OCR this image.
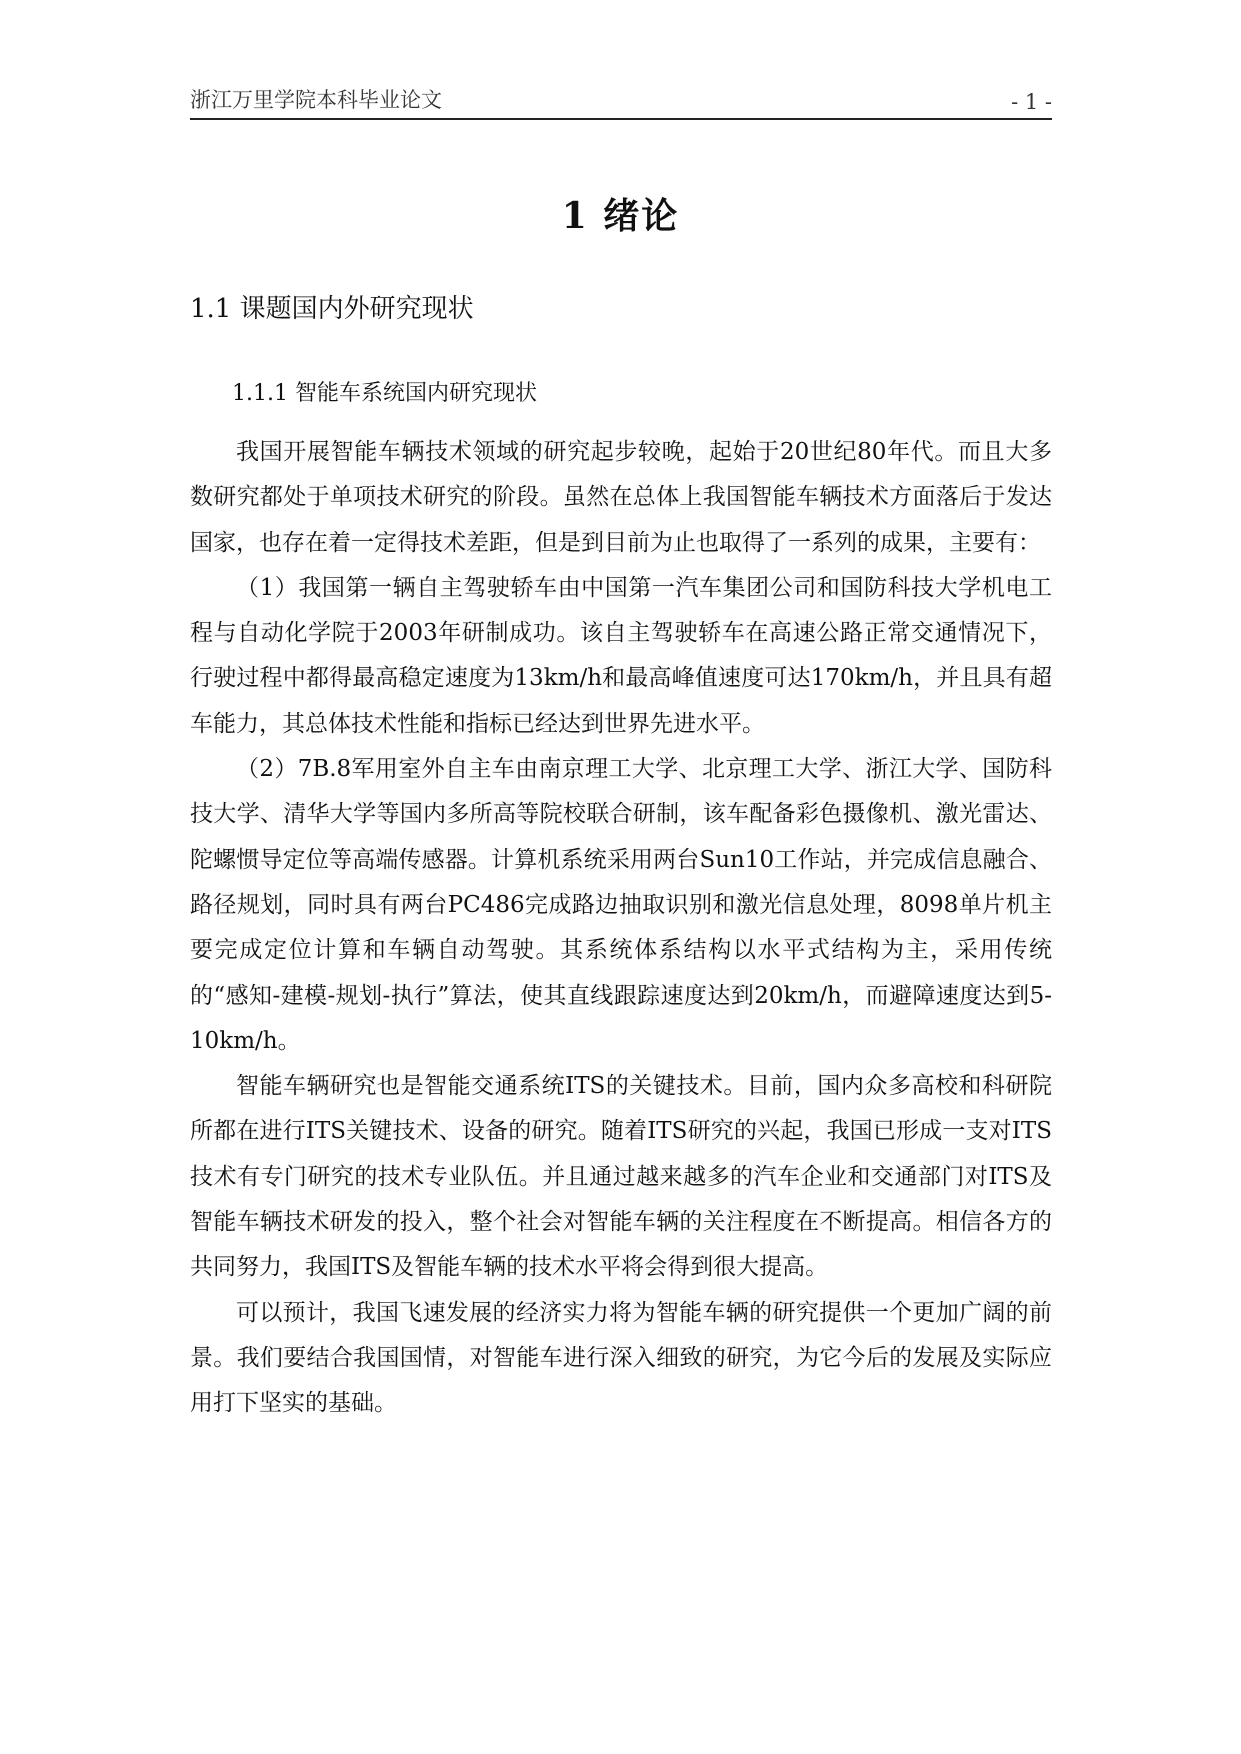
浙江万里学院本科毕业论文	- 1 -
1 绪论
1.1 课题国内外研究现状
1.1.1 智能车系统国内研究现状

我国开展智能车辆技术领域的研究起步较晚，起始于20世纪80年代。而且大多数研究都处于单项技术研究的阶段。虽然在总体上我国智能车辆技术方面落后于发达国家，也存在着一定得技术差距，但是到目前为止也取得了一系列的成果，主要有：

（1）我国第一辆自主驾驶轿车由中国第一汽车集团公司和国防科技大学机电工程与自动化学院于2003年研制成功。该自主驾驶轿车在高速公路正常交通情况下，行驶过程中都得最高稳定速度为13km/h和最高峰值速度可达170km/h，并且具有超车能力，其总体技术性能和指标已经达到世界先进水平。

（2）7B.8军用室外自主车由南京理工大学、北京理工大学、浙江大学、国防科技大学、清华大学等国内多所高等院校联合研制，该车配备彩色摄像机、激光雷达、陀螺惯导定位等高端传感器。计算机系统采用两台Sun10工作站，并完成信息融合、路径规划，同时具有两台PC486完成路边抽取识别和激光信息处理，8098单片机主要完成定位计算和车辆自动驾驶。其系统体系结构以水平式结构为主，采用传统的“感知-建模-规划-执行”算法，使其直线跟踪速度达到20km/h，而避障速度达到5-10km/h。

智能车辆研究也是智能交通系统ITS的关键技术。目前，国内众多高校和科研院所都在进行ITS关键技术、设备的研究。随着ITS研究的兴起，我国已形成一支对ITS技术有专门研究的技术专业队伍。并且通过越来越多的汽车企业和交通部门对ITS及智能车辆技术研发的投入，整个社会对智能车辆的关注程度在不断提高。相信各方的共同努力，我国ITS及智能车辆的技术水平将会得到很大提高。

可以预计，我国飞速发展的经济实力将为智能车辆的研究提供一个更加广阔的前景。我们要结合我国国情，对智能车进行深入细致的研究，为它今后的发展及实际应用打下坚实的基础。
